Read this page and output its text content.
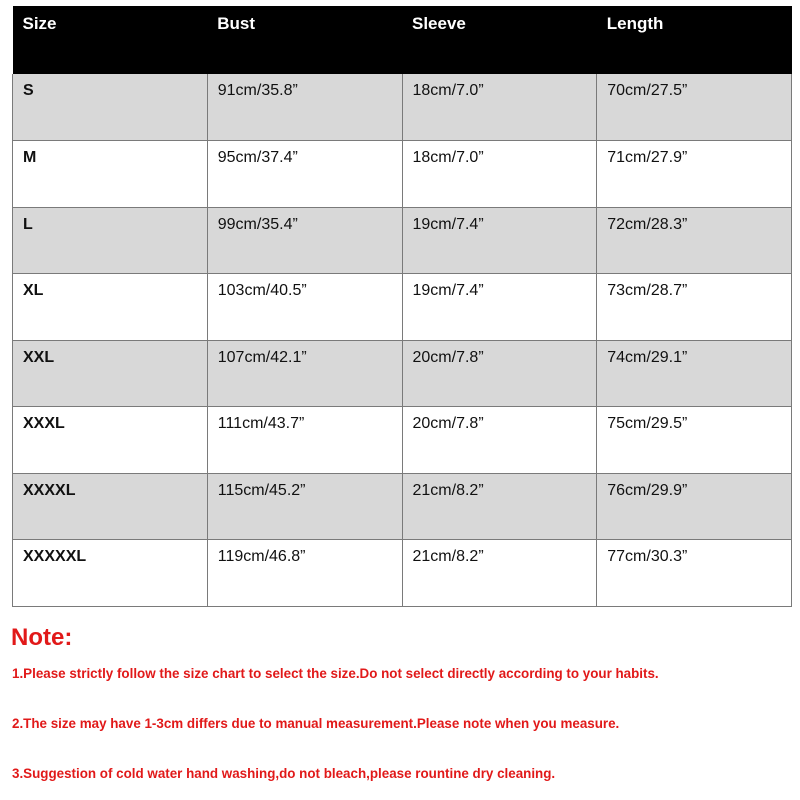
Size	Bust	Sleeve	Length
S	91cm/35.8”	18cm/7.0”	70cm/27.5”
M	95cm/37.4”	18cm/7.0”	71cm/27.9”
L	99cm/35.4”	19cm/7.4”	72cm/28.3”
XL	103cm/40.5”	19cm/7.4”	73cm/28.7”
XXL	107cm/42.1”	20cm/7.8”	74cm/29.1”
XXXL	111cm/43.7”	20cm/7.8”	75cm/29.5”
XXXXL	115cm/45.2”	21cm/8.2”	76cm/29.9”
XXXXXL	119cm/46.8”	21cm/8.2”	77cm/30.3”
Note:

1.Please strictly follow the size chart to select the size.Do not select directly according to your habits.

2.The size may have 1-3cm differs due to manual measurement.Please note when you measure.

3.Suggestion of cold water hand washing,do not bleach,please rountine dry cleaning.
